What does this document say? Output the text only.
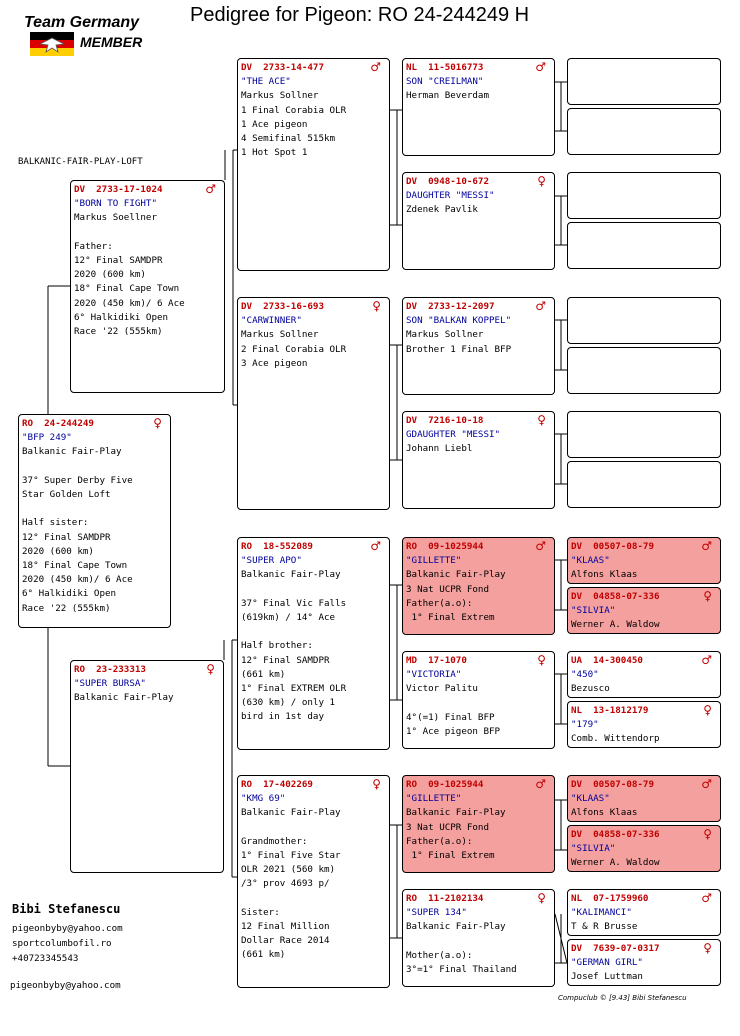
Pedigree for Pigeon: RO 24-244249 H
Team Germany
MEMBER
BALKANIC-FAIR-PLAY-LOFT
♀
RO  24-244249
"BFP 249"
Balkanic Fair-Play

37° Super Derby Five
Star Golden Loft

Half sister:
12° Final SAMDPR
2020 (600 km)
18° Final Cape Town
2020 (450 km)/ 6 Ace
6° Halkidiki Open
Race '22 (555km)
♂
DV  2733-17-1024
"BORN TO FIGHT"
Markus Soellner

Father:
12° Final SAMDPR
2020 (600 km)
18° Final Cape Town
2020 (450 km)/ 6 Ace
6° Halkidiki Open
Race '22 (555km)
♀
RO  23-233313
"SUPER BURSA"
Balkanic Fair-Play
♂
DV  2733-14-477
"THE ACE"
Markus Sollner
1 Final Corabia OLR
1 Ace pigeon
4 Semifinal 515km
1 Hot Spot 1
♀
DV  2733-16-693
"CARWINNER"
Markus Sollner
2 Final Corabia OLR
3 Ace pigeon
♂
RO  18-552089
"SUPER APO"
Balkanic Fair-Play

37° Final Vic Falls
(619km) / 14° Ace

Half brother:
12° Final SAMDPR
(661 km)
1° Final EXTREM OLR
(630 km) / only 1
bird in 1st day
♀
RO  17-402269
"KMG 69"
Balkanic Fair-Play

Grandmother:
1° Final Five Star
OLR 2021 (560 km)
/3° prov 4693 p/

Sister:
12 Final Million
Dollar Race 2014
(661 km)
♂
NL  11-5016773
SON "CREILMAN"
Herman Beverdam
♀
DV  0948-10-672
DAUGHTER "MESSI"
Zdenek Pavlik
♂
DV  2733-12-2097
SON "BALKAN KOPPEL"
Markus Sollner
Brother 1 Final BFP
♀
DV  7216-10-18
GDAUGHTER "MESSI"
Johann Liebl
♂
RO  09-1025944
"GILLETTE"
Balkanic Fair-Play
3 Nat UCPR Fond
Father(a.o):
1° Final Extrem
♀
MD  17-1070
"VICTORIA"
Victor Palitu

4°(=1) Final BFP
1° Ace pigeon BFP
♂
RO  09-1025944
"GILLETTE"
Balkanic Fair-Play
3 Nat UCPR Fond
Father(a.o):
1° Final Extrem
♀
RO  11-2102134
"SUPER 134"
Balkanic Fair-Play

Mother(a.o):
3°=1° Final Thailand
♂
DV  00507-08-79
"KLAAS"
Alfons Klaas
♀
DV  04858-07-336
"SILVIA"
Werner A. Waldow
♂
UA  14-300450
"450"
Bezusco
♀
NL  13-1812179
"179"
Comb. Wittendorp
♂
DV  00507-08-79
"KLAAS"
Alfons Klaas
♀
DV  04858-07-336
"SILVIA"
Werner A. Waldow
♂
NL  07-1759960
"KALIMANCI"
T & R Brusse
♀
DV  7639-07-0317
"GERMAN GIRL"
Josef Luttman
Bibi Stefanescu
pigeonbyby@yahoo.com
sportcolumbofil.ro
+40723345543
pigeonbyby@yahoo.com
Compuclub © [9.43] Bibi Stefanescu
